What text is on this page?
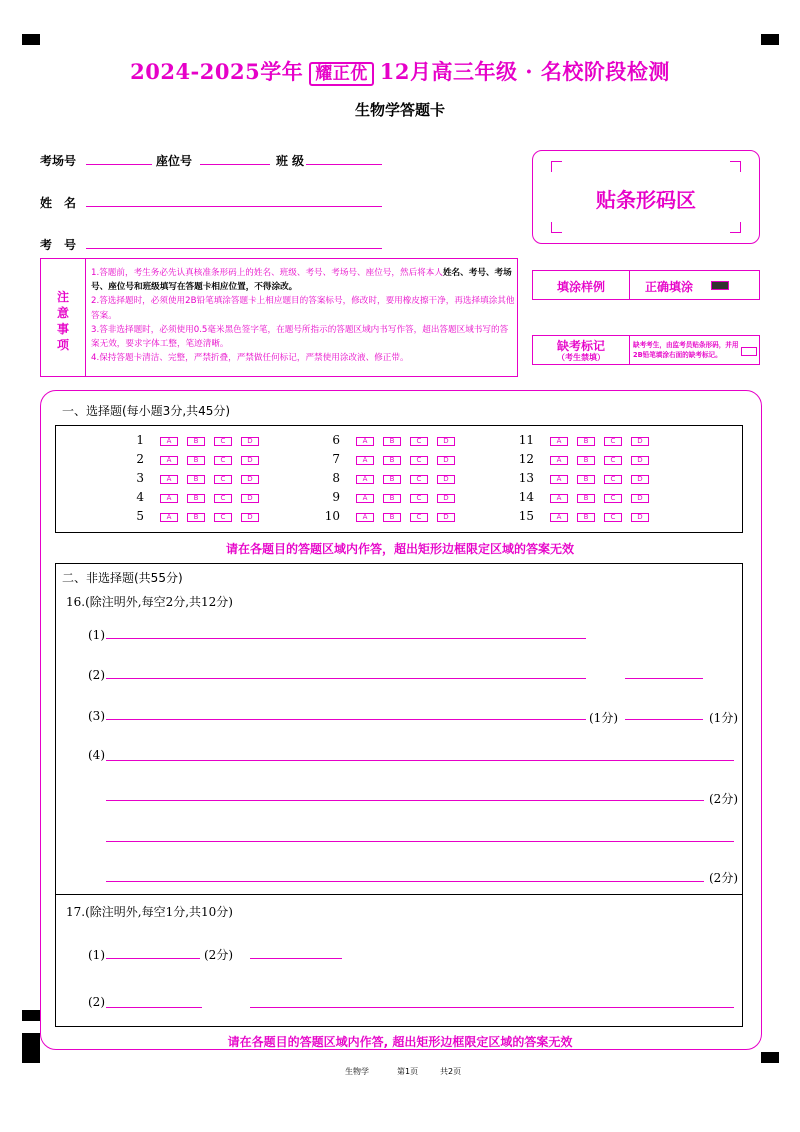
2024-2025学年 耀正优 12月高三年级 · 名校阶段检测
生物学答题卡
考场号	座位号	班级
姓　名
考　号
贴条形码区
注
意
事
项
1.答题前，考生务必先认真核准条形码上的姓名、班级、考号、考场号、座位号，然后将本人姓名、考号、考场号、座位号和班级填写在答题卡相应位置，不得涂改。
2.答选择题时，必须使用2B铅笔填涂答题卡上相应题目的答案标号，修改时，要用橡皮擦干净，再选择填涂其他答案。
3.答非选择题时，必须使用0.5毫米黑色签字笔，在题号所指示的答题区域内书写作答，超出答题区域书写的答案无效，要求字体工整，笔迹清晰。
4.保持答题卡清洁、完整，严禁折叠，严禁做任何标记，严禁使用涂改液、修正带。
填涂样例	正确填涂
缺考标记
（考生禁填）
缺考考生，由监考员贴条形码，并用2B铅笔填涂右面的缺考标记。
一、选择题(每小题3分,共45分)
1	A	B	C	D
2	A	B	C	D
3	A	B	C	D
4	A	B	C	D
5	A	B	C	D
6	A	B	C	D
7	A	B	C	D
8	A	B	C	D
9	A	B	C	D
10	A	B	C	D
11	A	B	C	D
12	A	B	C	D
13	A	B	C	D
14	A	B	C	D
15	A	B	C	D
请在各题目的答题区域内作答，超出矩形边框限定区域的答案无效
二、非选择题(共55分)
16.(除注明外,每空2分,共12分)
(1)
(2)
(3)	(1分)	(1分)
(4)
(2分)
(2分)
17.(除注明外,每空1分,共10分)
(1)	(2分)
(2)
请在各题目的答题区域内作答, 超出矩形边框限定区域的答案无效
生物学	第1页	共2页
